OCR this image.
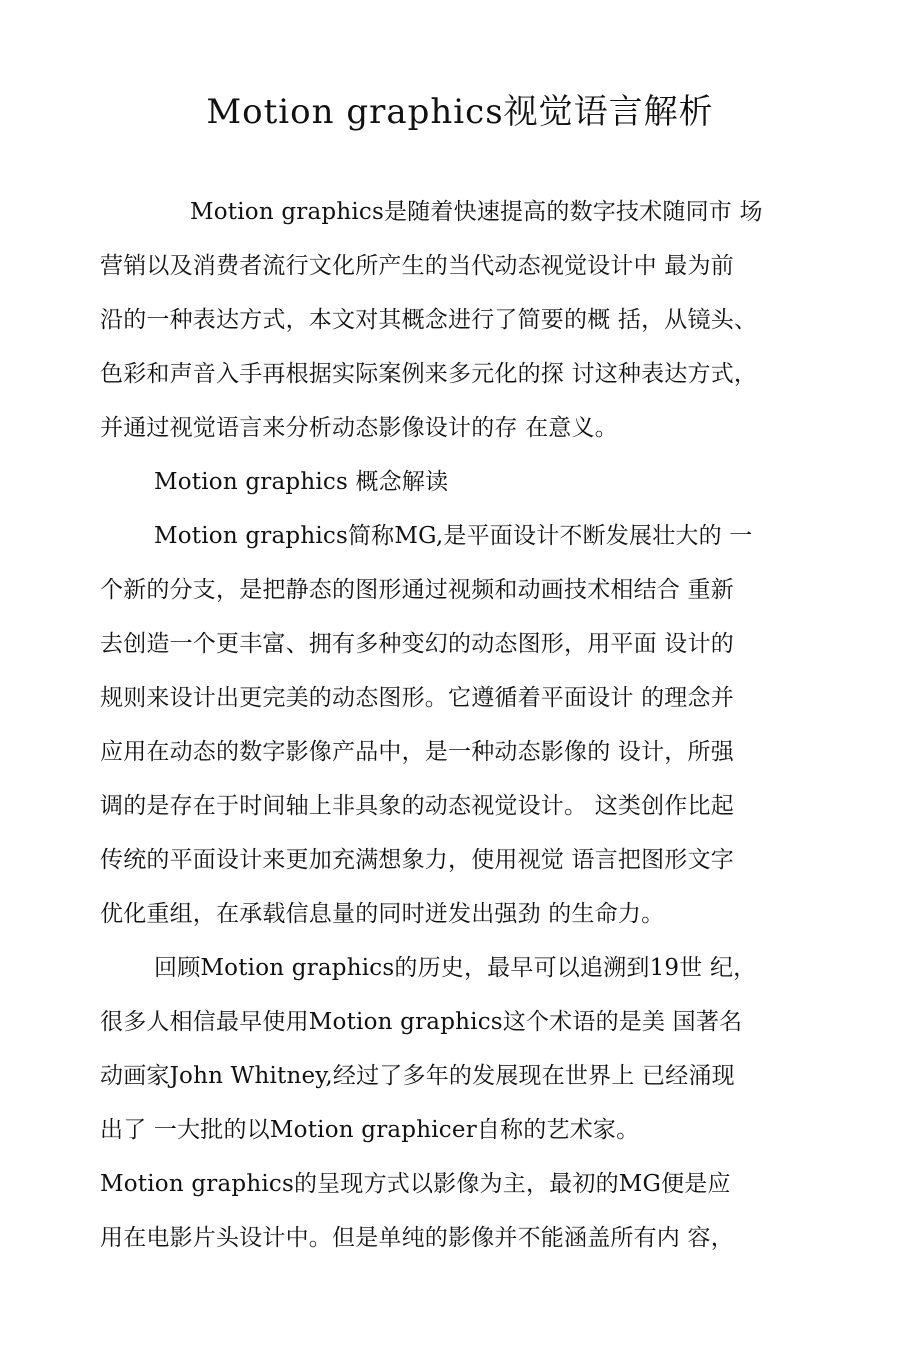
Motion graphics视觉语言解析
Motion graphics是随着快速提高的数字技术随同市 场
营销以及消费者流行文化所产生的当代动态视觉设计中 最为前
沿的一种表达方式，本文对其概念进行了简要的概 括，从镜头、
色彩和声音入手再根据实际案例来多元化的探 讨这种表达方式，
并通过视觉语言来分析动态影像设计的存 在意义。
Motion graphics 概念解读
Motion graphics简称MG,是平面设计不断发展壮大的 一
个新的分支，是把静态的图形通过视频和动画技术相结合 重新
去创造一个更丰富、拥有多种变幻的动态图形，用平面 设计的
规则来设计出更完美的动态图形。它遵循着平面设计 的理念并
应用在动态的数字影像产品中，是一种动态影像的 设计，所强
调的是存在于时间轴上非具象的动态视觉设计。 这类创作比起
传统的平面设计来更加充满想象力，使用视觉 语言把图形文字
优化重组，在承载信息量的同时迸发出强劲 的生命力。
回顾Motion graphics的历史，最早可以追溯到19世 纪，
很多人相信最早使用Motion graphics这个术语的是美 国著名
动画家John Whitney,经过了多年的发展现在世界上 已经涌现
出了 一大批的以Motion graphicer自称的艺术家。
Motion graphics的呈现方式以影像为主，最初的MG便是应
用在电影片头设计中。但是单纯的影像并不能涵盖所有内 容，
